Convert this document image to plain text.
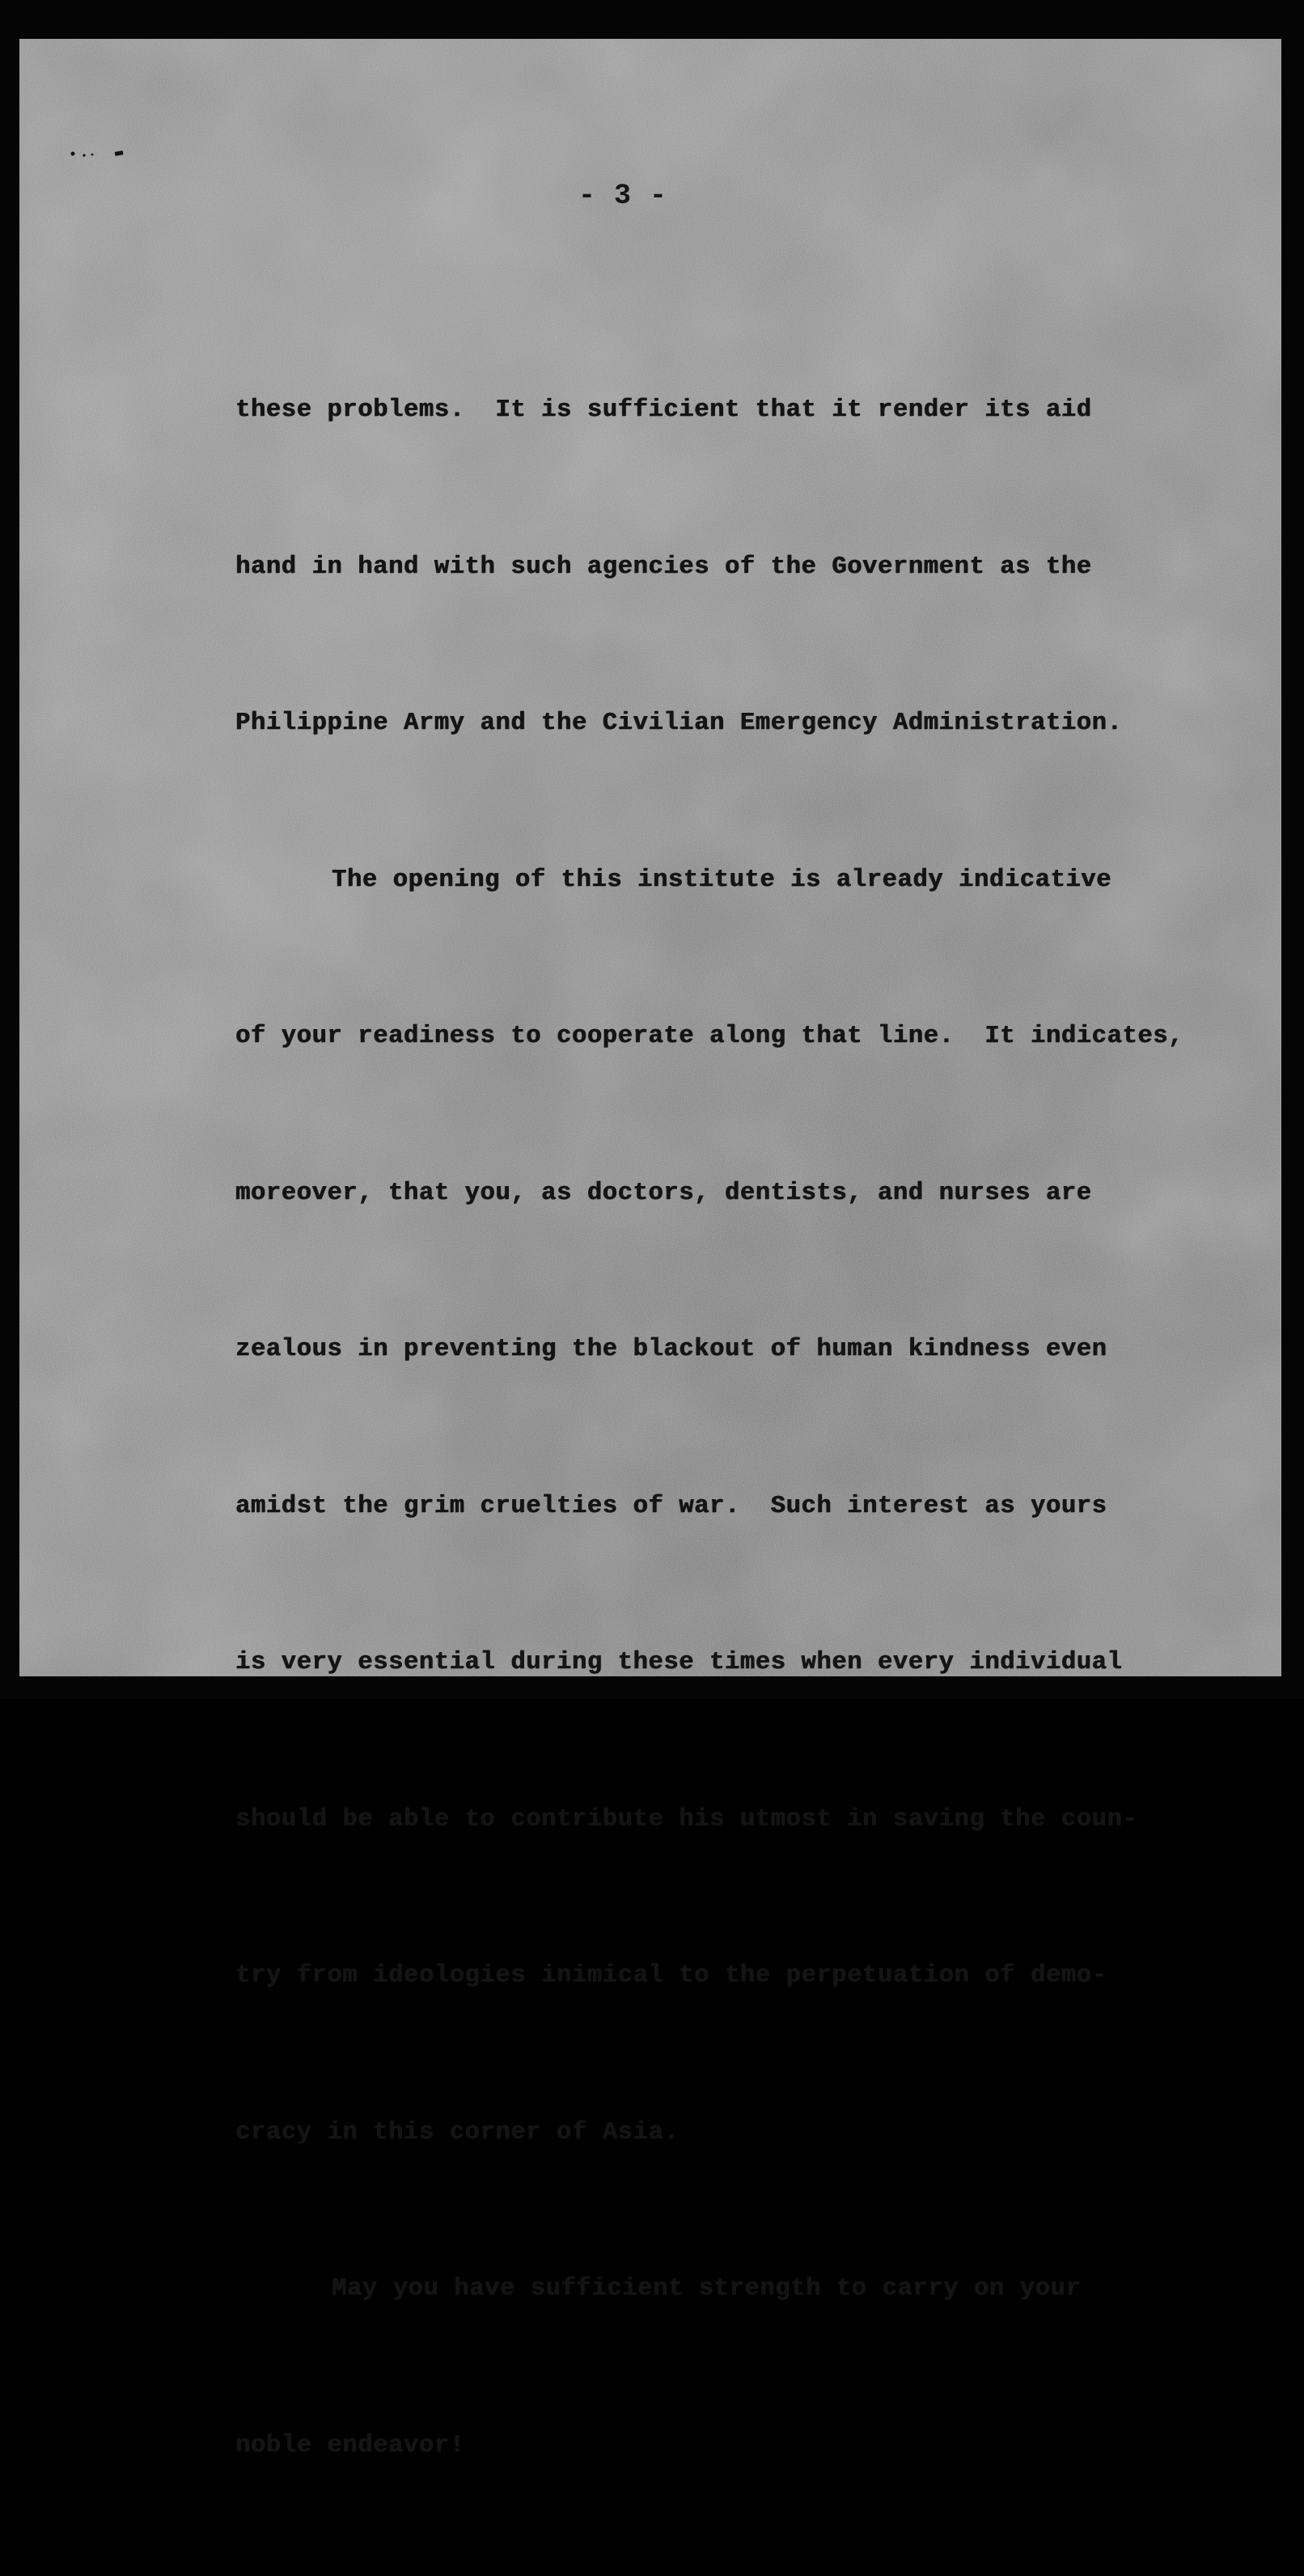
- 3 -

these problems.  It is sufficient that it render its aid

hand in hand with such agencies of the Government as the

Philippine Army and the Civilian Emergency Administration.

The opening of this institute is already indicative

of your readiness to cooperate along that line.  It indicates,

moreover, that you, as doctors, dentists, and nurses are

zealous in preventing the blackout of human kindness even

amidst the grim cruelties of war.  Such interest as yours

is very essential during these times when every individual

should be able to contribute his utmost in saving the coun-

try from ideologies inimical to the perpetuation of demo-

cracy in this corner of Asia.

May you have sufficient strength to carry on your

noble endeavor!
